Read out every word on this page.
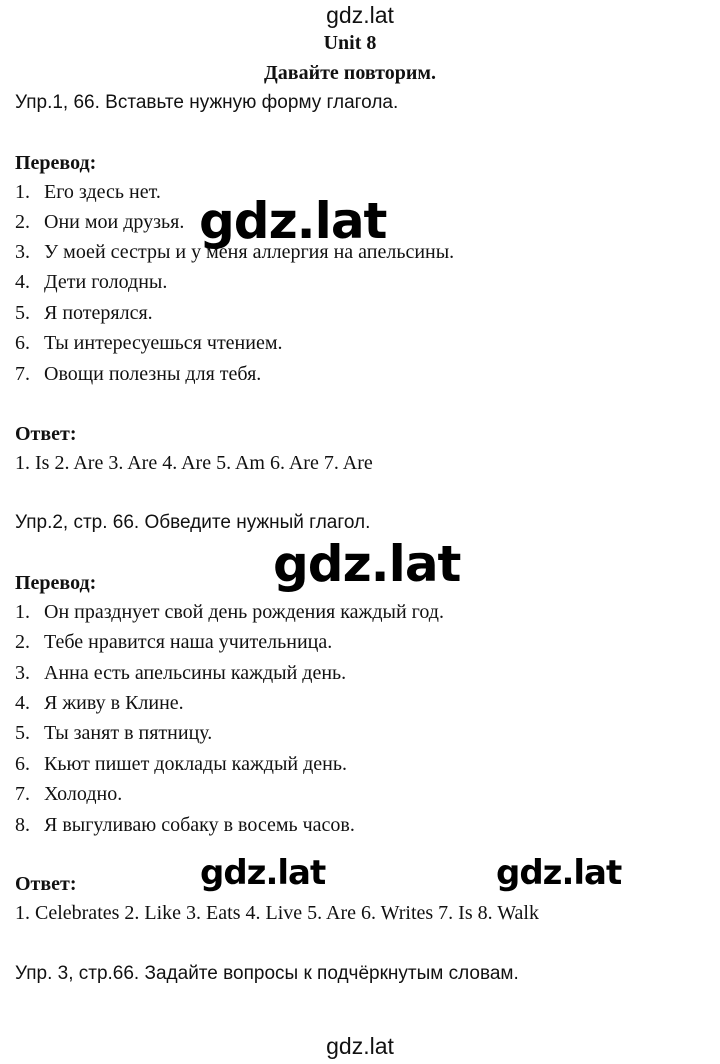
gdz.lat
Unit 8
Давайте повторим.
Упр.1, 66. Вставьте нужную форму глагола.
Перевод:
1. Его здесь нет.
2. Они мои друзья.
3. У моей сестры и у меня аллергия на апельсины.
4. Дети голодны.
5. Я потерялся.
6. Ты интересуешься чтением.
7. Овощи полезны для тебя.
Ответ:
1. Is 2. Are 3. Are 4. Are 5. Am 6. Are 7. Are
Упр.2, стр. 66. Обведите нужный глагол.
Перевод:
1. Он празднует свой день рождения каждый год.
2. Тебе нравится наша учительница.
3. Анна есть апельсины каждый день.
4. Я живу в Клине.
5. Ты занят в пятницу.
6. Кьют пишет доклады каждый день.
7. Холодно.
8. Я выгуливаю собаку в восемь часов.
Ответ:
1. Celebrates 2. Like 3. Eats 4. Live 5. Are 6. Writes 7. Is 8. Walk
Упр. 3, стр.66. Задайте вопросы к подчёркнутым словам.
gdz.lat
gdz.lat
gdz.lat	gdz.lat
gdz.lat
